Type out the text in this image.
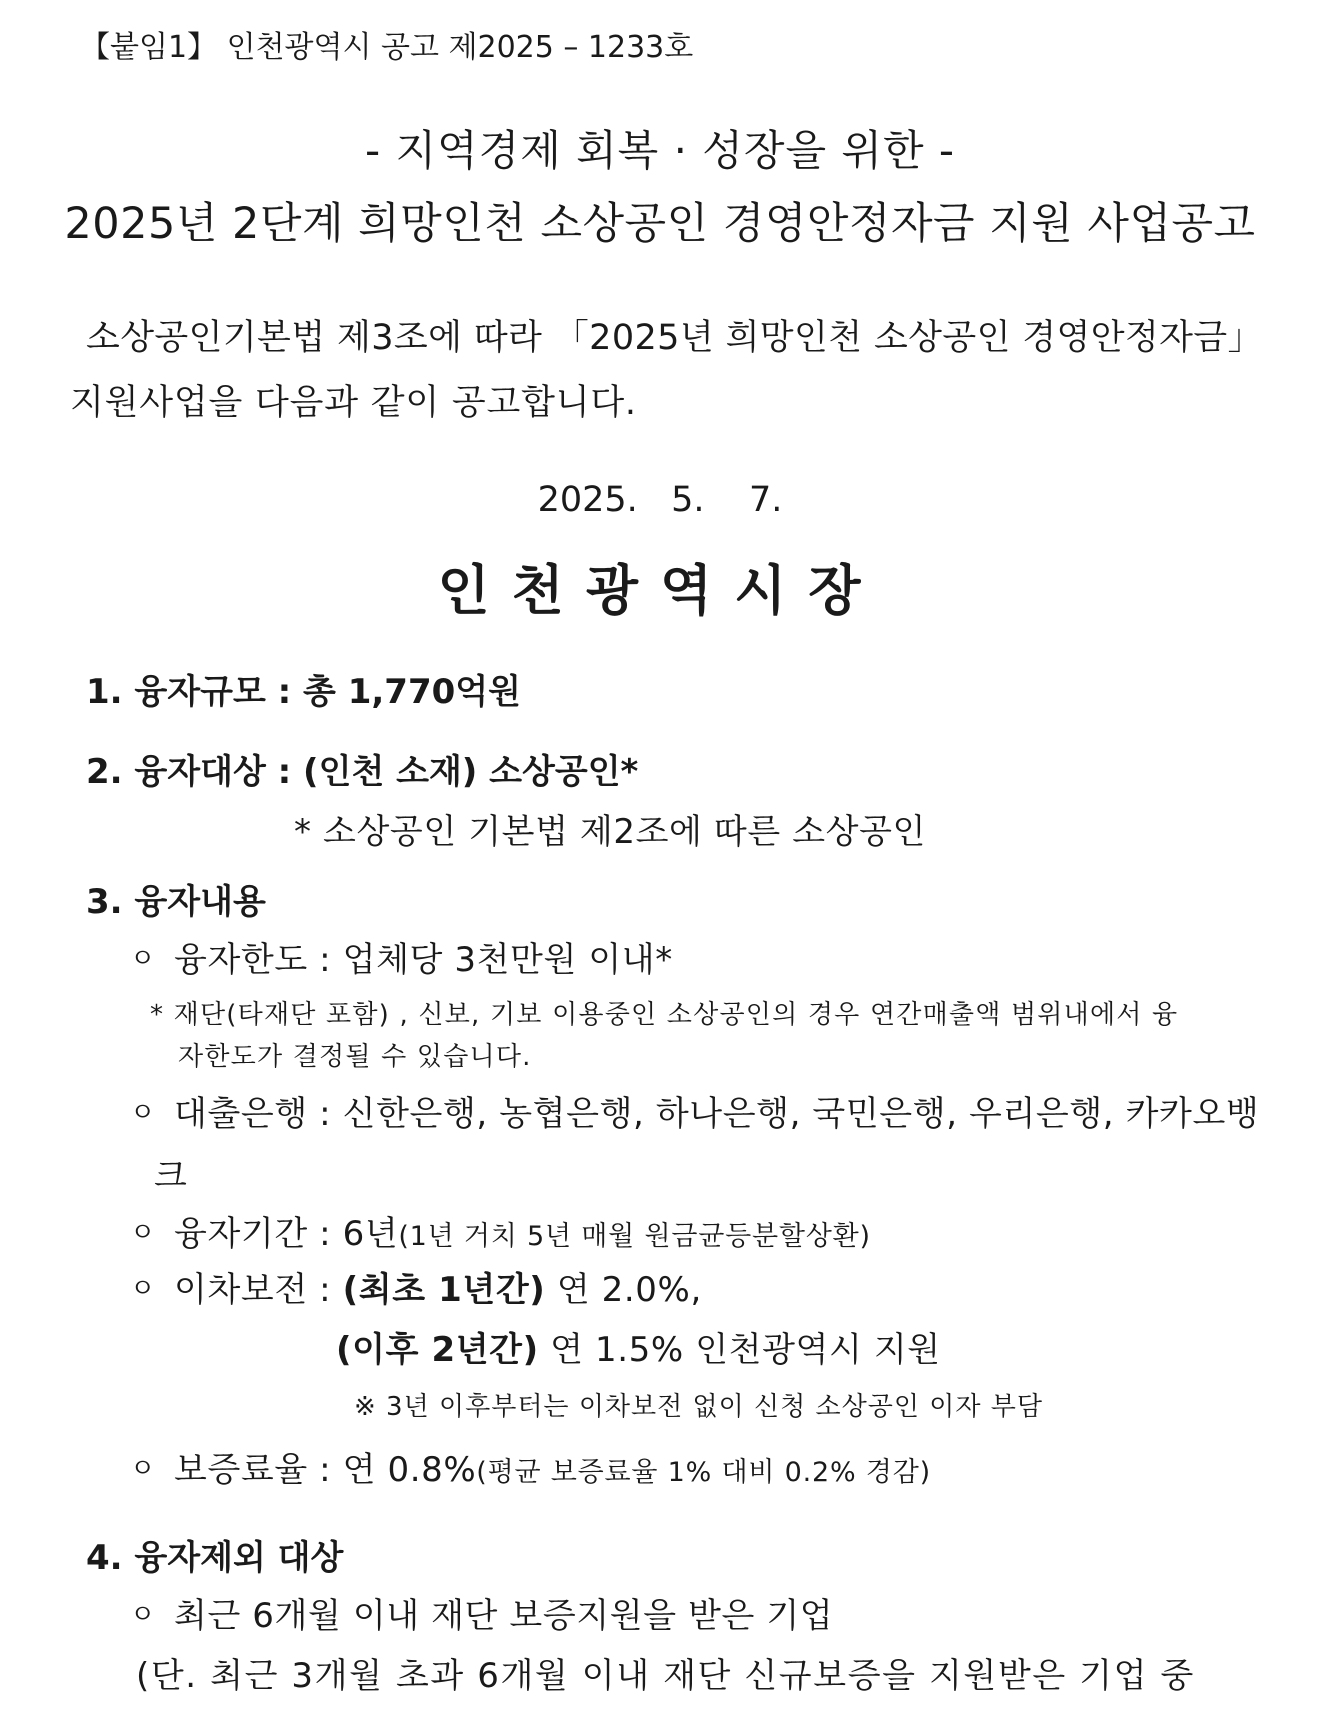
【붙임1】 인천광역시 공고 제2025 – 1233호
- 지역경제 회복 · 성장을 위한 -
2025년 2단계 희망인천 소상공인 경영안정자금 지원 사업공고
소상공인기본법 제3조에 따라 「2025년 희망인천 소상공인 경영안정자금」
지원사업을 다음과 같이 공고합니다.
2025.   5.    7.
인천광역시장
1. 융자규모 : 총 1,770억원
2. 융자대상 : (인천 소재) 소상공인*
* 소상공인 기본법 제2조에 따른 소상공인
3. 융자내용
ㅇ 융자한도 : 업체당 3천만원 이내*
* 재단(타재단 포함) , 신보, 기보 이용중인 소상공인의 경우 연간매출액 범위내에서 융
자한도가 결정될 수 있습니다.
ㅇ 대출은행 : 신한은행, 농협은행, 하나은행, 국민은행, 우리은행, 카카오뱅
크
ㅇ 융자기간 : 6년(1년 거치 5년 매월 원금균등분할상환)
ㅇ 이차보전 : (최초 1년간) 연 2.0%,
(이후 2년간) 연 1.5% 인천광역시 지원
※ 3년 이후부터는 이차보전 없이 신청 소상공인 이자 부담
ㅇ 보증료율 : 연 0.8%(평균 보증료율 1% 대비 0.2% 경감)
4. 융자제외 대상
ㅇ 최근 6개월 이내 재단 보증지원을 받은 기업
(단. 최근 3개월 초과 6개월 이내 재단 신규보증을 지원받은 기업 중
